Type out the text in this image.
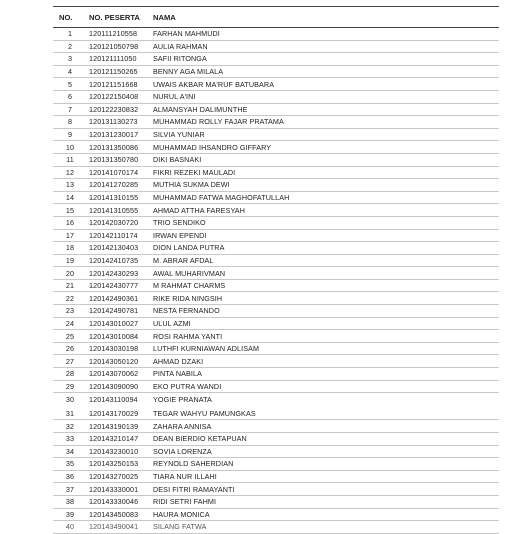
NO.	NO. PESERTA	NAMA
1	120111210558	FARHAN MAHMUDI
2	120121050798	AULIA RAHMAN
3	120121111050	SAFII RITONGA
4	120121150265	BENNY AGA MILALA
5	120121151668	UWAIS AKBAR MA'RUF BATUBARA
6	120122150408	NURUL A'INI
7	120122230832	ALMANSYAH DALIMUNTHE
8	120131130273	MUHAMMAD ROLLY FAJAR PRATAMA
9	120131230017	SILVIA YUNIAR
10	120131350086	MUHAMMAD IHSANDRO GIFFARY
11	120131350780	DIKI BASNAKI
12	120141070174	FIKRI REZEKI MAULADI
13	120141270285	MUTHIA SUKMA DEWI
14	120141310155	MUHAMMAD FATWA MAGHOFATULLAH
15	120141310555	AHMAD ATTHA FARESYAH
16	120142030720	TRIO SENDIKO
17	120142110174	IRWAN EPENDI
18	120142130403	DION LANDA PUTRA
19	120142410735	M. ABRAR AFDAL
20	120142430293	AWAL MUHARIVMAN
21	120142430777	M RAHMAT CHARMS
22	120142490361	RIKE RIDA NINGSIH
23	120142490781	NESTA FERNANDO
24	120143010027	ULUL AZMI
25	120143010084	ROSI RAHMA YANTI
26	120143030198	LUTHFI KURNIAWAN ADLISAM
27	120143050120	AHMAD DZAKI
28	120143070062	PINTA NABILA
29	120143090090	EKO PUTRA WANDI
30	120143110094	YOGIE PRANATA
31	120143170029	TEGAR WAHYU PAMUNGKAS
32	120143190139	ZAHARA ANNISA
33	120143210147	DEAN BIERDIO KETAPUAN
34	120143230010	SOVIA LORENZA
35	120143250153	REYNOLD SAHERDIAN
36	120143270025	TIARA NUR ILLAHI
37	120143330001	DESI FITRI RAMAYANTI
38	120143330046	RIDI SETRI FAHMI
39	120143450083	HAURA MONICA
40	120143490041	SILANG FATWA
